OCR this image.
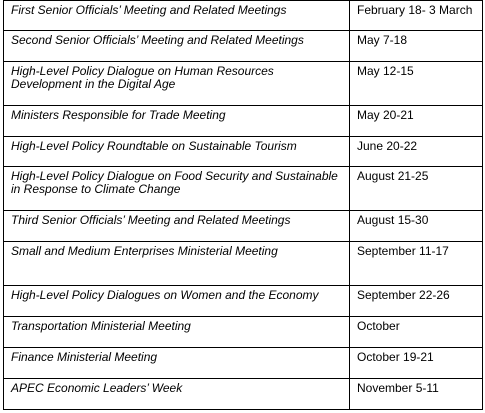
First Senior Officials’ Meeting and Related Meetings	February 18- 3 March
Second Senior Officials’ Meeting and Related Meetings	May 7-18
High-Level Policy Dialogue on Human Resources Development in the Digital Age	May 12-15
Ministers Responsible for Trade Meeting	May 20-21
High-Level Policy Roundtable on Sustainable Tourism	June 20-22
High-Level Policy Dialogue on Food Security and Sustainable in Response to Climate Change	August 21-25
Third Senior Officials’ Meeting and Related Meetings	August 15-30
Small and Medium Enterprises Ministerial Meeting	September 11-17
High-Level Policy Dialogues on Women and the Economy	September 22-26
Transportation Ministerial Meeting	October
Finance Ministerial Meeting	October 19-21
APEC Economic Leaders’ Week	November 5-11
